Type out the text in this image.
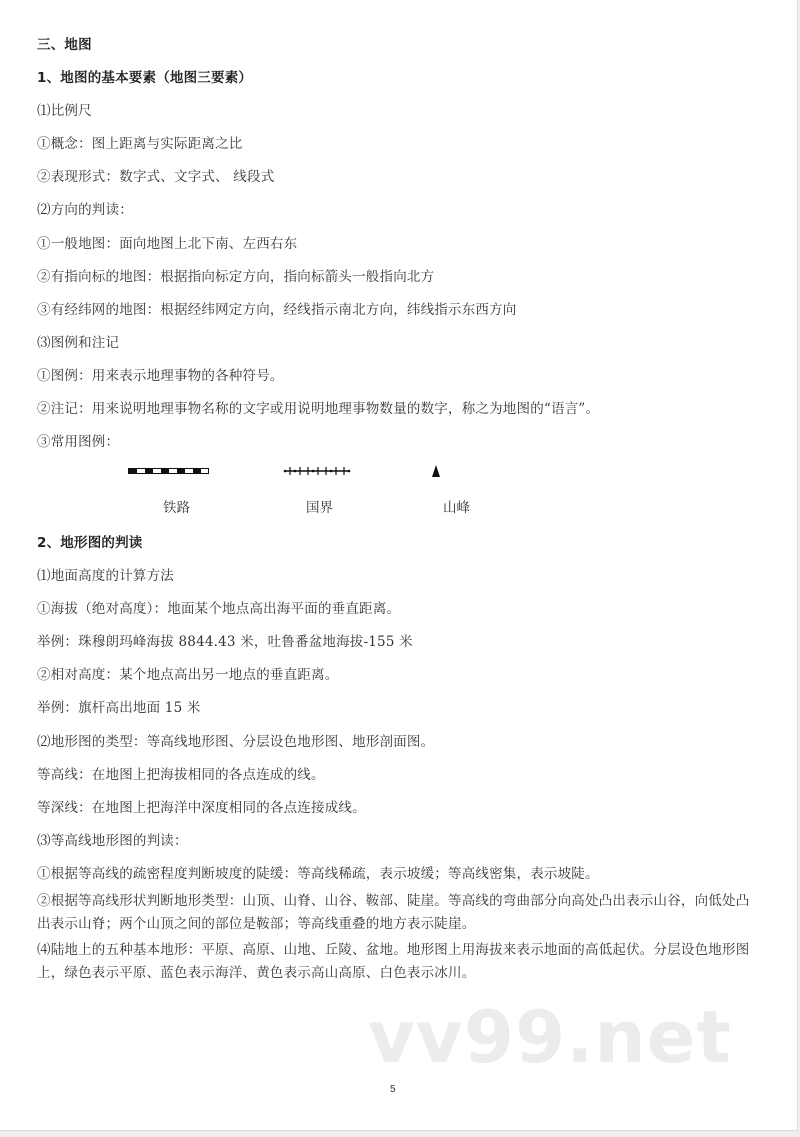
三、地图
1、地图的基本要素（地图三要素）
⑴比例尺
①概念：图上距离与实际距离之比
②表现形式：数字式、文字式、 线段式
⑵方向的判读：
①一般地图：面向地图上北下南、左西右东
②有指向标的地图：根据指向标定方向，指向标箭头一般指向北方
③有经纬网的地图：根据经纬网定方向，经线指示南北方向，纬线指示东西方向
⑶图例和注记
①图例：用来表示地理事物的各种符号。
②注记：用来说明地理事物名称的文字或用说明地理事物数量的数字，称之为地图的“语言”。
③常用图例：
铁路	国界	山峰
2、地形图的判读
⑴地面高度的计算方法
①海拔（绝对高度）：地面某个地点高出海平面的垂直距离。
举例：珠穆朗玛峰海拔 8844.43 米，吐鲁番盆地海拔-155 米
②相对高度：某个地点高出另一地点的垂直距离。
举例：旗杆高出地面 15 米
⑵地形图的类型：等高线地形图、分层设色地形图、地形剖面图。
等高线：在地图上把海拔相同的各点连成的线。
等深线：在地图上把海洋中深度相同的各点连接成线。
⑶等高线地形图的判读：
①根据等高线的疏密程度判断坡度的陡缓：等高线稀疏，表示坡缓；等高线密集，表示坡陡。
②根据等高线形状判断地形类型：山顶、山脊、山谷、鞍部、陡崖。等高线的弯曲部分向高处凸出表示山谷，向低处凸出表示山脊；两个山顶之间的部位是鞍部；等高线重叠的地方表示陡崖。
⑷陆地上的五种基本地形：平原、高原、山地、丘陵、盆地。地形图上用海拔来表示地面的高低起伏。分层设色地形图上，绿色表示平原、蓝色表示海洋、黄色表示高山高原、白色表示冰川。
vv99.net
5
